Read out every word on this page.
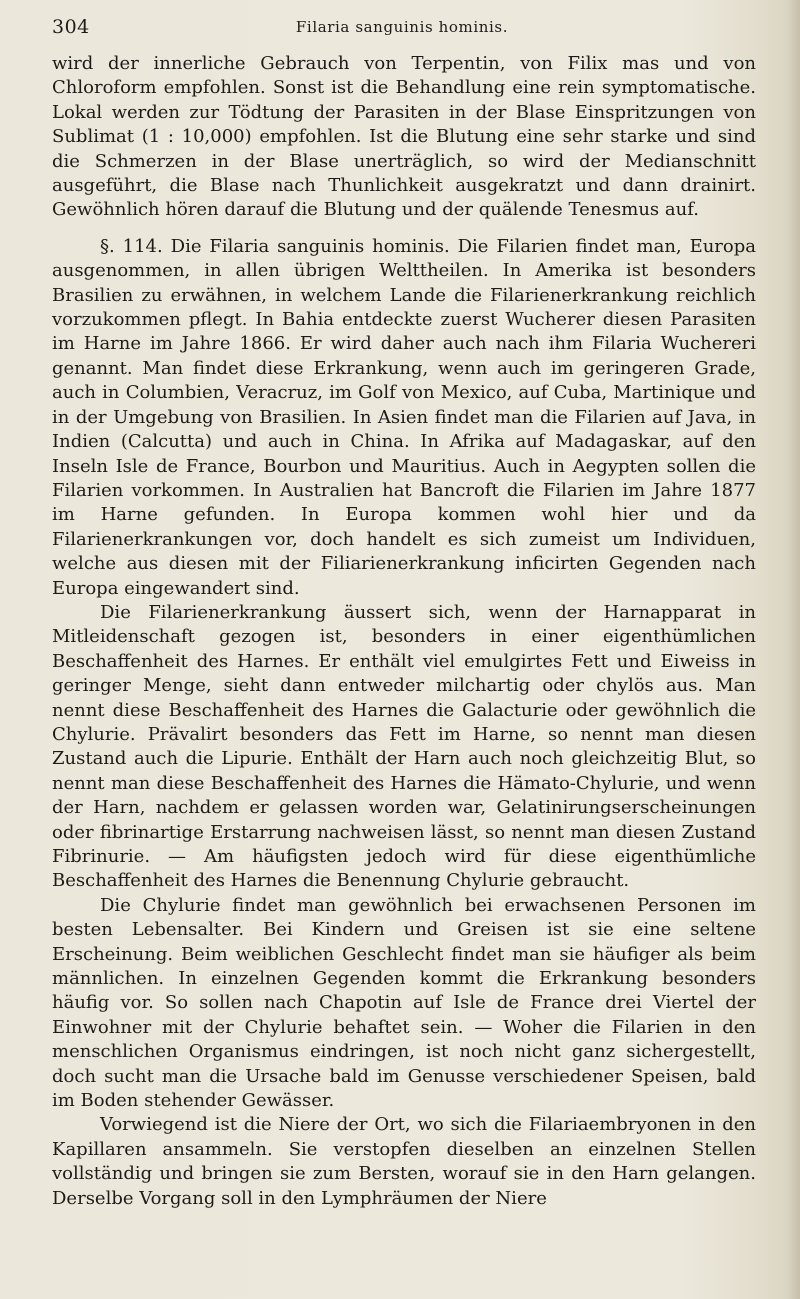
304	Filaria sanguinis hominis.

wird der innerliche Gebrauch von Terpentin, von Filix mas und von Chloroform empfohlen. Sonst ist die Behandlung eine rein symptomatische. Lokal werden zur Tödtung der Parasiten in der Blase Einspritzungen von Sublimat (1 : 10,000) empfohlen. Ist die Blutung eine sehr starke und sind die Schmerzen in der Blase unerträglich, so wird der Medianschnitt ausgeführt, die Blase nach Thunlichkeit ausgekratzt und dann drainirt. Gewöhnlich hören darauf die Blutung und der quälende Tenesmus auf.

§. 114. Die Filaria sanguinis hominis. Die Filarien findet man, Europa ausgenommen, in allen übrigen Welttheilen. In Amerika ist besonders Brasilien zu erwähnen, in welchem Lande die Filarienerkrankung reichlich vorzukommen pflegt. In Bahia entdeckte zuerst Wucherer diesen Parasiten im Harne im Jahre 1866. Er wird daher auch nach ihm Filaria Wuchereri genannt. Man findet diese Erkrankung, wenn auch im geringeren Grade, auch in Columbien, Veracruz, im Golf von Mexico, auf Cuba, Martinique und in der Umgebung von Brasilien. In Asien findet man die Filarien auf Java, in Indien (Calcutta) und auch in China. In Afrika auf Madagaskar, auf den Inseln Isle de France, Bourbon und Mauritius. Auch in Aegypten sollen die Filarien vorkommen. In Australien hat Bancroft die Filarien im Jahre 1877 im Harne gefunden. In Europa kommen wohl hier und da Filarienerkrankungen vor, doch handelt es sich zumeist um Individuen, welche aus diesen mit der Filiarienerkrankung inficirten Gegenden nach Europa eingewandert sind.

Die Filarienerkrankung äussert sich, wenn der Harnapparat in Mitleidenschaft gezogen ist, besonders in einer eigenthümlichen Beschaffenheit des Harnes. Er enthält viel emulgirtes Fett und Eiweiss in geringer Menge, sieht dann entweder milchartig oder chylös aus. Man nennt diese Beschaffenheit des Harnes die Galacturie oder gewöhnlich die Chylurie. Prävalirt besonders das Fett im Harne, so nennt man diesen Zustand auch die Lipurie. Enthält der Harn auch noch gleichzeitig Blut, so nennt man diese Beschaffenheit des Harnes die Hämato-Chylurie, und wenn der Harn, nachdem er gelassen worden war, Gelatinirungserscheinungen oder fibrinartige Erstarrung nachweisen lässt, so nennt man diesen Zustand Fibrinurie. — Am häufigsten jedoch wird für diese eigenthümliche Beschaffenheit des Harnes die Benennung Chylurie gebraucht.

Die Chylurie findet man gewöhnlich bei erwachsenen Personen im besten Lebensalter. Bei Kindern und Greisen ist sie eine seltene Erscheinung. Beim weiblichen Geschlecht findet man sie häufiger als beim männlichen. In einzelnen Gegenden kommt die Erkrankung besonders häufig vor. So sollen nach Chapotin auf Isle de France drei Viertel der Einwohner mit der Chylurie behaftet sein. — Woher die Filarien in den menschlichen Organismus eindringen, ist noch nicht ganz sichergestellt, doch sucht man die Ursache bald im Genusse verschiedener Speisen, bald im Boden stehender Gewässer.

Vorwiegend ist die Niere der Ort, wo sich die Filariaembryonen in den Kapillaren ansammeln. Sie verstopfen dieselben an einzelnen Stellen vollständig und bringen sie zum Bersten, worauf sie in den Harn gelangen. Derselbe Vorgang soll in den Lymphräumen der Niere
